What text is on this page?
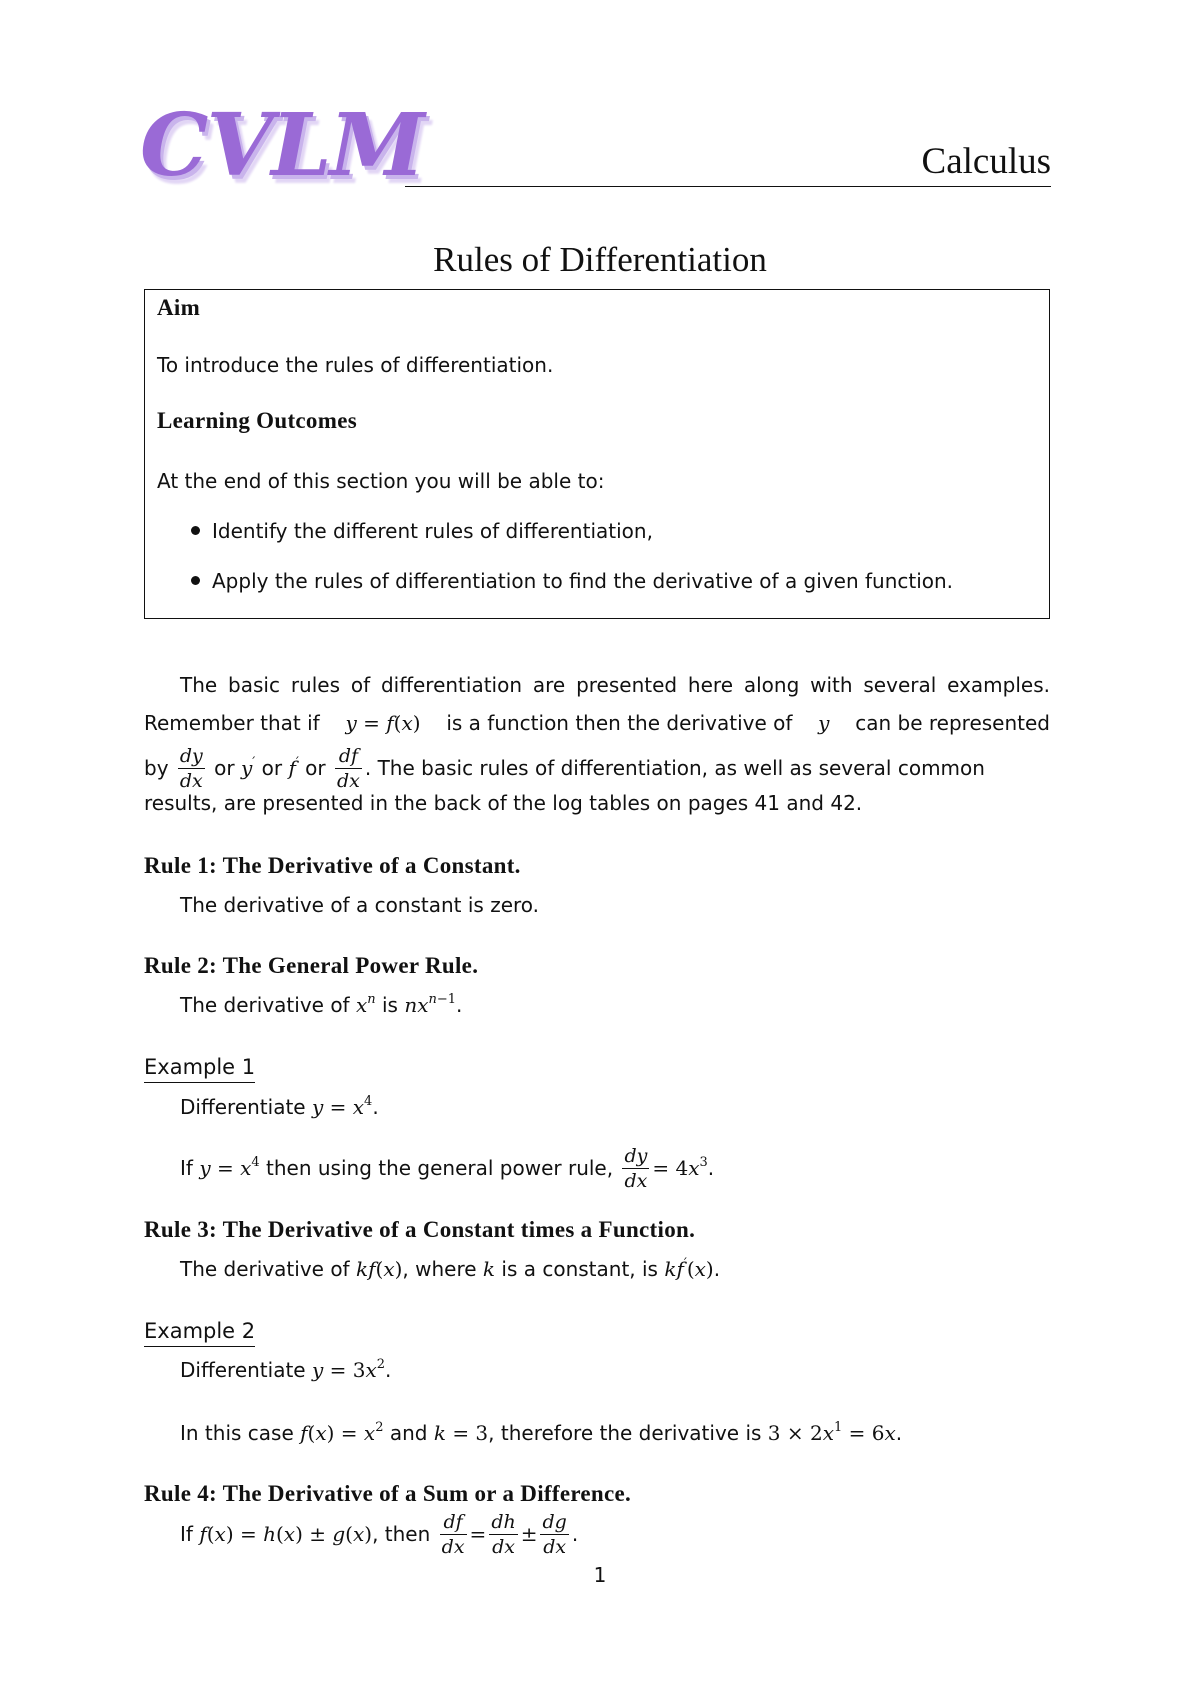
CVLM	Calculus
Rules of Differentiation
Aim
To introduce the rules of differentiation.
Learning Outcomes
At the end of this section you will be able to:
Identify the different rules of differentiation,
Apply the rules of differentiation to find the derivative of a given function.
The basic rules of differentiation are presented here along with several examples.
Remember that if y = f(x) is a function then the derivative of y can be represented
by
$\frac{dy}{dx}$
or
y′
or
f′
or
$\frac{df}{dx}$ . The basic rules of differentiation, as well as several common
results, are presented in the back of the log tables on pages 41 and 42.
Rule 1: The Derivative of a Constant.
The derivative of a constant is zero.
Rule 2: The General Power Rule.
The derivative of $x^n$ is $nx^{n-1}$.
Example 1
Differentiate $y = x^4$.
If
$y = x^4$
then using the general power rule,
$\frac{dy}{dx} = 4$ $x^3$ .
Rule 3: The Derivative of a Constant times a Function.
The derivative of kf(x), where k is a constant, is kf′(x).
Example 2
Differentiate $y = 3x^2$.
In this case $f(x) = x^2$ and k = 3, therefore the derivative is $3 \times 2x^1 = 6x$.
Rule 4: The Derivative of a Sum or a Difference.
If
f(x) = h(x) ± g(x) , then
$\frac{df}{dx} = \frac{dh}{dx} \pm \frac{dg}{dx}$ .
1
